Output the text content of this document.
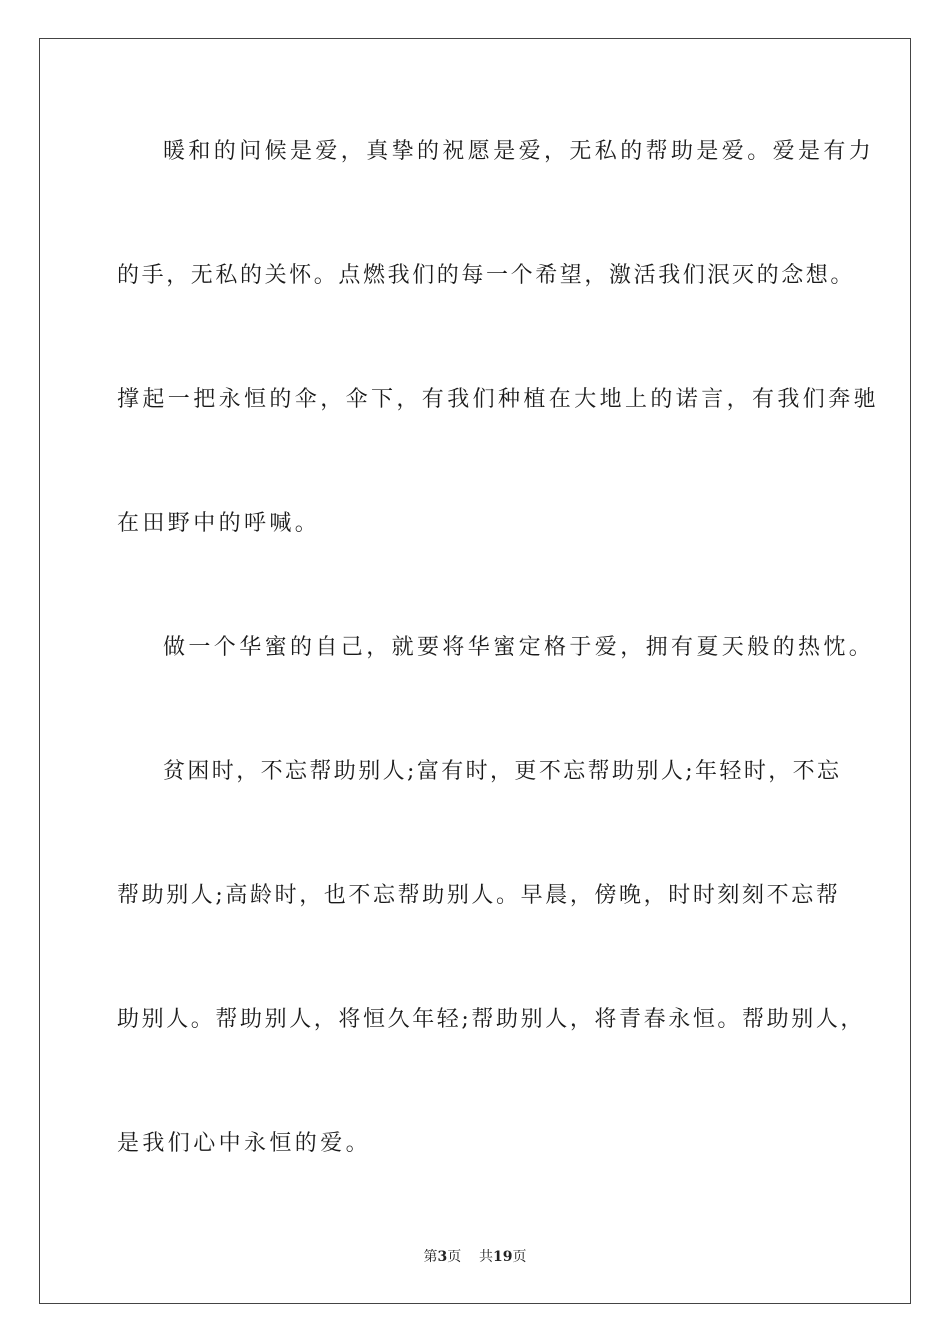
暖和的问候是爱，真挚的祝愿是爱，无私的帮助是爱。爱是有力
的手，无私的关怀。点燃我们的每一个希望，激活我们泯灭的念想。
撑起一把永恒的伞，伞下，有我们种植在大地上的诺言，有我们奔驰
在田野中的呼喊。
做一个华蜜的自己，就要将华蜜定格于爱，拥有夏天般的热忱。
贫困时，不忘帮助别人;富有时，更不忘帮助别人;年轻时，不忘
帮助别人;高龄时，也不忘帮助别人。早晨，傍晚，时时刻刻不忘帮
助别人。帮助别人，将恒久年轻;帮助别人，将青春永恒。帮助别人，
是我们心中永恒的爱。
第3页 共19页
